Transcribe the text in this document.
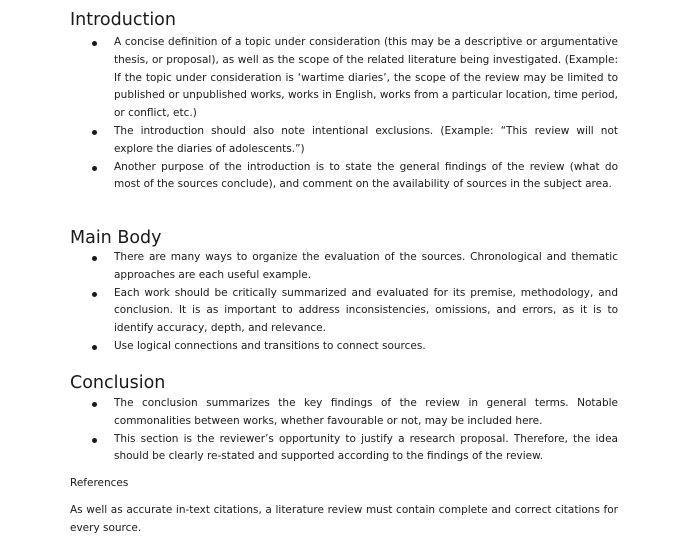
Introduction
A concise definition of a topic under consideration (this may be a descriptive or argumentative thesis, or proposal), as well as the scope of the related literature being investigated. (Example: If the topic under consideration is ‘wartime diaries’, the scope of the review may be limited to published or unpublished works, works in English, works from a particular location, time period, or conflict, etc.)
The introduction should also note intentional exclusions. (Example: “This review will not explore the diaries of adolescents.”)
Another purpose of the introduction is to state the general findings of the review (what do most of the sources conclude), and comment on the availability of sources in the subject area.
Main Body
There are many ways to organize the evaluation of the sources. Chronological and thematic approaches are each useful example.
Each work should be critically summarized and evaluated for its premise, methodology, and conclusion. It is as important to address inconsistencies, omissions, and errors, as it is to identify accuracy, depth, and relevance.
Use logical connections and transitions to connect sources.
Conclusion
The conclusion summarizes the key findings of the review in general terms. Notable commonalities between works, whether favourable or not, may be included here.
This section is the reviewer’s opportunity to justify a research proposal. Therefore, the idea should be clearly re-stated and supported according to the findings of the review.

References

As well as accurate in-text citations, a literature review must contain complete and correct citations for every source.
